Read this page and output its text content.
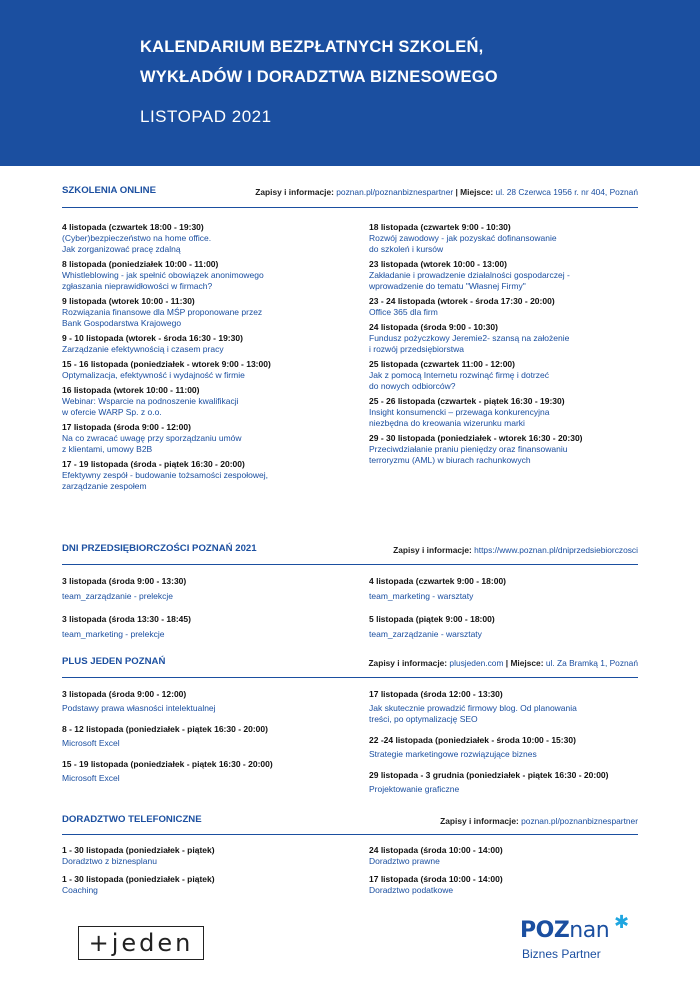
KALENDARIUM BEZPŁATNYCH SZKOLEŃ,
WYKŁADÓW I DORADZTWA BIZNESOWEGO
LISTOPAD 2021
SZKOLENIA ONLINE	Zapisy i informacje: poznan.pl/poznanbiznespartner | Miejsce: ul. 28 Czerwca 1956 r. nr 404, Poznań
4 listopada (czwartek 18:00 - 19:30)
(Cyber)bezpieczeństwo na home office.
Jak zorganizować pracę zdalną
8 listopada (poniedziałek 10:00 - 11:00)
Whistleblowing - jak spełnić obowiązek anonimowego
zgłaszania nieprawidłowości w firmach?
9 listopada (wtorek 10:00 - 11:30)
Rozwiązania finansowe dla MŚP proponowane przez
Bank Gospodarstwa Krajowego
9 - 10 listopada (wtorek - środa 16:30 - 19:30)
Zarządzanie efektywnością i czasem pracy
15 - 16 listopada (poniedziałek - wtorek 9:00 - 13:00)
Optymalizacja, efektywność i wydajność w firmie
16 listopada (wtorek 10:00 - 11:00)
Webinar: Wsparcie na podnoszenie kwalifikacji
w ofercie WARP Sp. z o.o.
17 listopada (środa 9:00 - 12:00)
Na co zwracać uwagę przy sporządzaniu umów
z klientami, umowy B2B
17 - 19 listopada (środa - piątek 16:30 - 20:00)
Efektywny zespół - budowanie tożsamości zespołowej,
zarządzanie zespołem
18 listopada (czwartek 9:00 - 10:30)
Rozwój zawodowy - jak pozyskać dofinansowanie
do szkoleń i kursów
23 listopada (wtorek 10:00 - 13:00)
Zakładanie i prowadzenie działalności gospodarczej -
wprowadzenie do tematu "Własnej Firmy"
23 - 24 listopada (wtorek - środa 17:30 - 20:00)
Office 365 dla firm
24 listopada (środa 9:00 - 10:30)
Fundusz pożyczkowy Jeremie2- szansą na założenie
i rozwój przedsiębiorstwa
25 listopada (czwartek 11:00 - 12:00)
Jak z pomocą Internetu rozwinąć firmę i dotrzeć
do nowych odbiorców?
25 - 26 listopada (czwartek - piątek 16:30 - 19:30)
Insight konsumencki – przewaga konkurencyjna
niezbędna do kreowania wizerunku marki
29 - 30 listopada (poniedziałek - wtorek 16:30 - 20:30)
Przeciwdziałanie praniu pieniędzy oraz finansowaniu
terroryzmu (AML) w biurach rachunkowych
DNI PRZEDSIĘBIORCZOŚCI POZNAŃ 2021	Zapisy i informacje: https://www.poznan.pl/dniprzedsiebiorczosci
3 listopada (środa 9:00 - 13:30)
team_zarządzanie - prelekcje
3 listopada (środa 13:30 - 18:45)
team_marketing - prelekcje
4 listopada (czwartek 9:00 - 18:00)
team_marketing - warsztaty
5 listopada (piątek 9:00 - 18:00)
team_zarządzanie - warsztaty
PLUS JEDEN POZNAŃ	Zapisy i informacje: plusjeden.com | Miejsce: ul. Za Bramką 1, Poznań
3 listopada (środa 9:00 - 12:00)
Podstawy prawa własności intelektualnej
8 - 12 listopada (poniedziałek - piątek 16:30 - 20:00)
Microsoft Excel
15 - 19 listopada (poniedziałek - piątek 16:30 - 20:00)
Microsoft Excel
17 listopada (środa 12:00 - 13:30)
Jak skutecznie prowadzić firmowy blog. Od planowania
treści, po optymalizację SEO
22 -24 listopada (poniedziałek - środa 10:00 - 15:30)
Strategie marketingowe rozwiązujące biznes
29 listopada - 3 grudnia (poniedziałek - piątek 16:30 - 20:00)
Projektowanie graficzne
DORADZTWO TELEFONICZNE	Zapisy i informacje: poznan.pl/poznanbiznespartner
1 - 30 listopada (poniedziałek - piątek)
Doradztwo z biznesplanu
1 - 30 listopada (poniedziałek - piątek)
Coaching
24 listopada (środa 10:00 - 14:00)
Doradztwo prawne
17 listopada (środa 10:00 - 14:00)
Doradztwo podatkowe
+jeden	POZnan ✱
Biznes Partner
